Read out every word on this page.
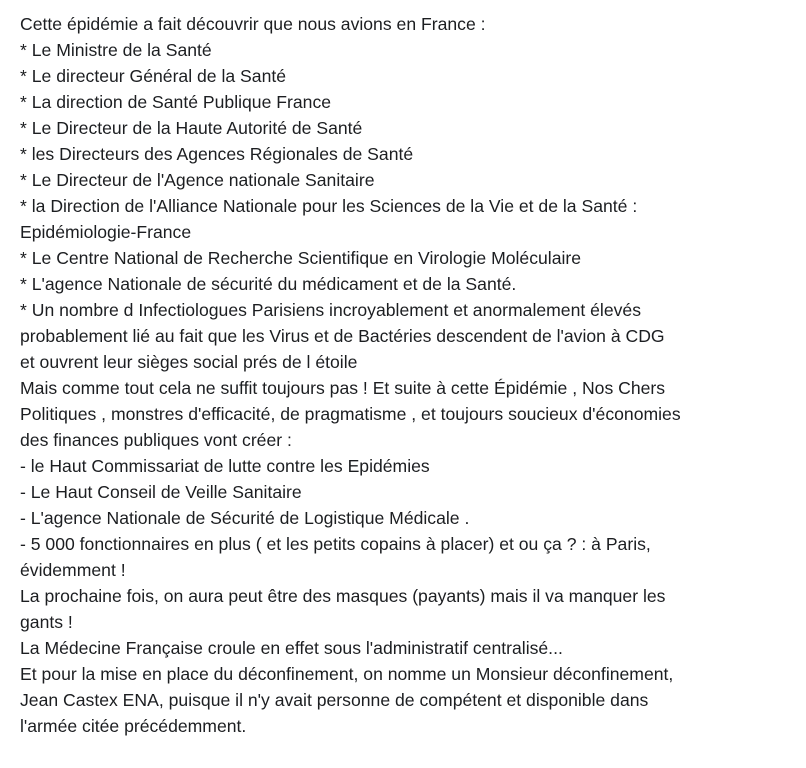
Cette épidémie a fait découvrir que nous avions en France :
* Le Ministre de la Santé
* Le directeur Général de la Santé
* La direction de Santé Publique France
* Le Directeur de la Haute Autorité de Santé
* les Directeurs des Agences Régionales de Santé
* Le Directeur de l'Agence nationale Sanitaire
* la Direction de l'Alliance Nationale pour les Sciences de la Vie et de la Santé :
Epidémiologie-France
* Le Centre National de Recherche Scientifique en Virologie Moléculaire
* L'agence Nationale de sécurité du médicament et de la Santé.
* Un nombre d Infectiologues Parisiens incroyablement et anormalement élevés
probablement lié au fait que les Virus et de Bactéries descendent de l'avion à CDG
et ouvrent leur sièges social prés de l étoile
Mais comme tout cela ne suffit toujours pas ! Et suite à cette Épidémie , Nos Chers
Politiques , monstres d'efficacité, de pragmatisme , et toujours soucieux d'économies
des finances publiques vont créer :
- le Haut Commissariat de lutte contre les Epidémies
- Le Haut Conseil de Veille Sanitaire
- L'agence Nationale de Sécurité de Logistique Médicale .
- 5 000 fonctionnaires en plus ( et les petits copains à placer) et ou ça ? : à Paris,
évidemment !
La prochaine fois, on aura peut être des masques (payants) mais il va manquer les
gants !
La Médecine Française croule en effet sous l'administratif centralisé...
Et pour la mise en place du déconfinement, on nomme un Monsieur déconfinement,
Jean Castex ENA, puisque il n'y avait personne de compétent et disponible dans
l'armée citée précédemment.
